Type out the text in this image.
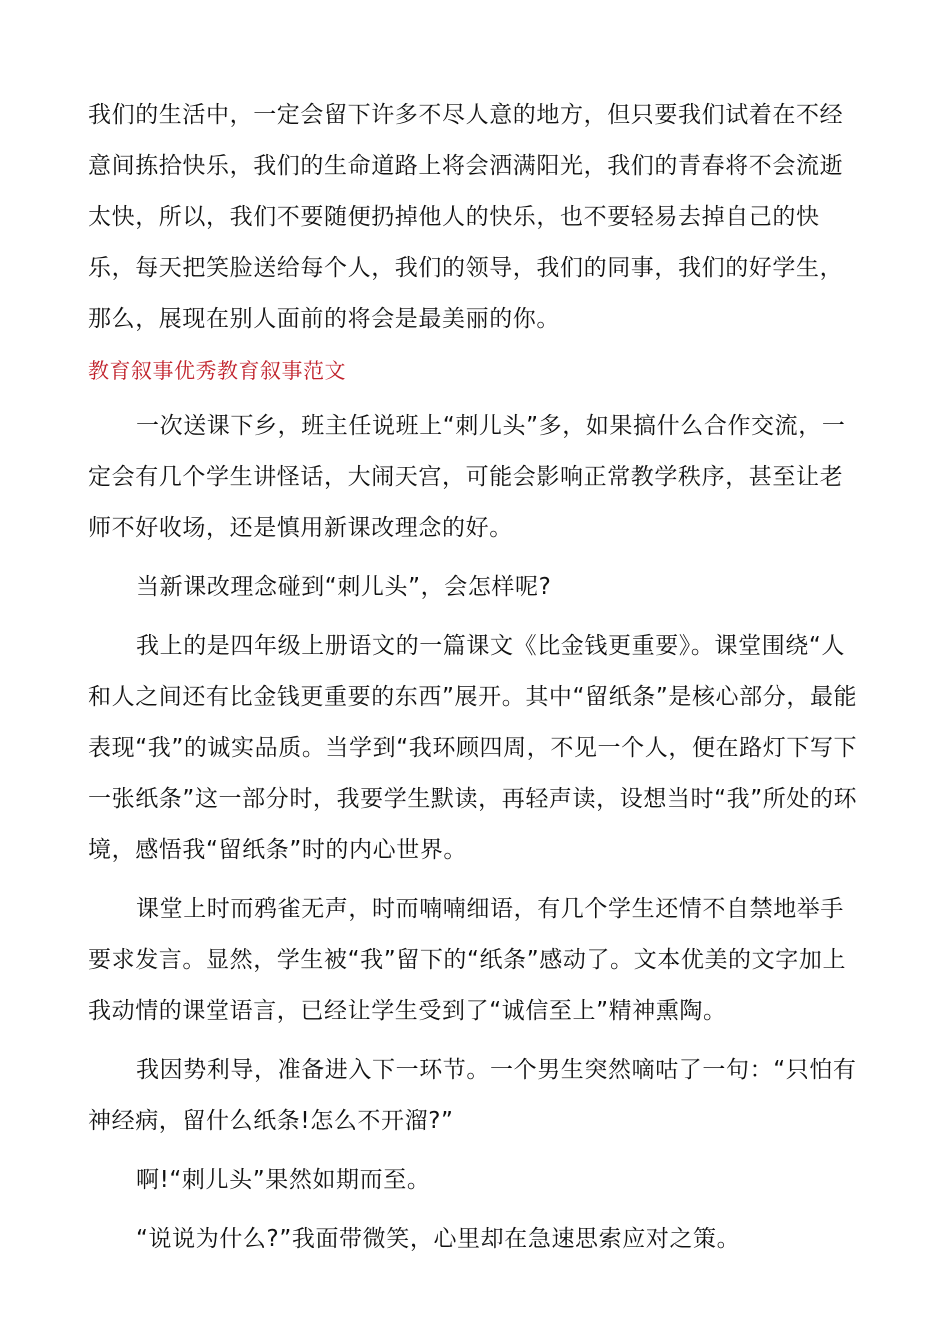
我们的生活中，一定会留下许多不尽人意的地方，但只要我们试着在不经意间拣拾快乐，我们的生命道路上将会洒满阳光，我们的青春将不会流逝太快，所以，我们不要随便扔掉他人的快乐，也不要轻易去掉自己的快乐，每天把笑脸送给每个人，我们的领导，我们的同事，我们的好学生，那么，展现在别人面前的将会是最美丽的你。

教育叙事优秀教育叙事范文

一次送课下乡，班主任说班上“刺儿头”多，如果搞什么合作交流，一定会有几个学生讲怪话，大闹天宫，可能会影响正常教学秩序，甚至让老师不好收场，还是慎用新课改理念的好。

当新课改理念碰到“刺儿头”，会怎样呢?

我上的是四年级上册语文的一篇课文《比金钱更重要》。课堂围绕“人和人之间还有比金钱更重要的东西”展开。其中“留纸条”是核心部分，最能表现“我”的诚实品质。当学到“我环顾四周，不见一个人，便在路灯下写下一张纸条”这一部分时，我要学生默读，再轻声读，设想当时“我”所处的环境，感悟我“留纸条”时的内心世界。

课堂上时而鸦雀无声，时而喃喃细语，有几个学生还情不自禁地举手要求发言。显然，学生被“我”留下的“纸条”感动了。文本优美的文字加上我动情的课堂语言，已经让学生受到了“诚信至上”精神熏陶。

我因势利导，准备进入下一环节。一个男生突然嘀咕了一句：“只怕有神经病，留什么纸条!怎么不开溜?”

啊!“刺儿头”果然如期而至。

“说说为什么?”我面带微笑，心里却在急速思索应对之策。
